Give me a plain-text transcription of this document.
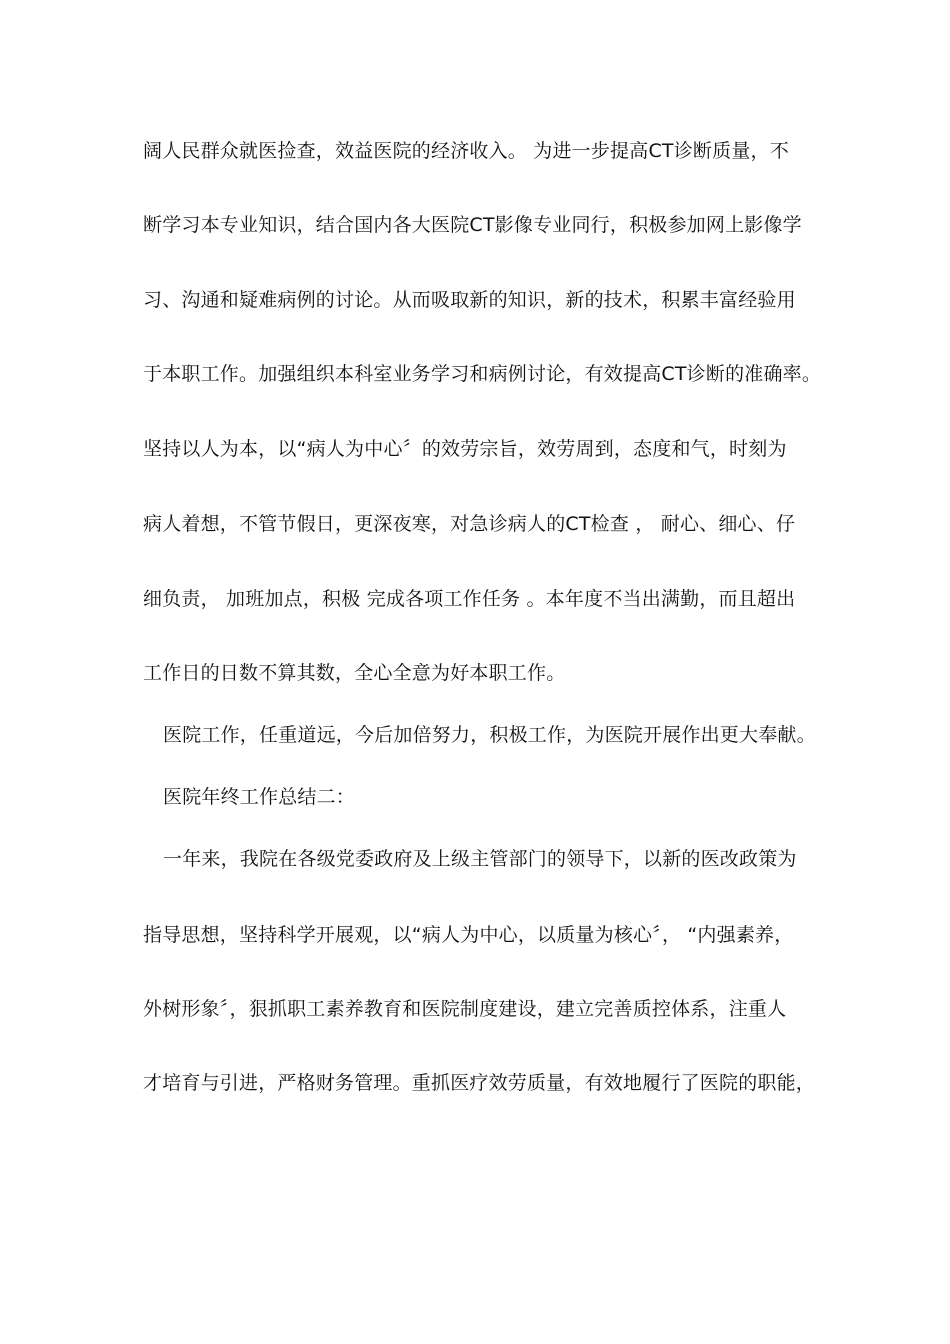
阔人民群众就医捡查，效益医院的经济收入。 为进一步提高CT诊断质量，不
断学习本专业知识，结合国内各大医院CT影像专业同行，积极参加网上影像学
习、沟通和疑难病例的讨论。从而吸取新的知识，新的技术，积累丰富经验用
于本职工作。加强组织本科室业务学习和病例讨论，有效提高CT诊断的准确率。
坚持以人为本，以“病人为中心〞的效劳宗旨，效劳周到，态度和气，时刻为
病人着想，不管节假日，更深夜寒，对急诊病人的CT检查 ， 耐心、细心、仔
细负责， 加班加点，积极 完成各项工作任务 。本年度不当出满勤，而且超出
工作日的日数不算其数，全心全意为好本职工作。
医院工作，任重道远，今后加倍努力，积极工作，为医院开展作出更大奉献。
医院年终工作总结二：
一年来，我院在各级党委政府及上级主管部门的领导下，以新的医改政策为
指导思想，坚持科学开展观，以“病人为中心，以质量为核心〞， “内强素养，
外树形象〞，狠抓职工素养教育和医院制度建设，建立完善质控体系，注重人
才培育与引进，严格财务管理。重抓医疗效劳质量，有效地履行了医院的职能，
